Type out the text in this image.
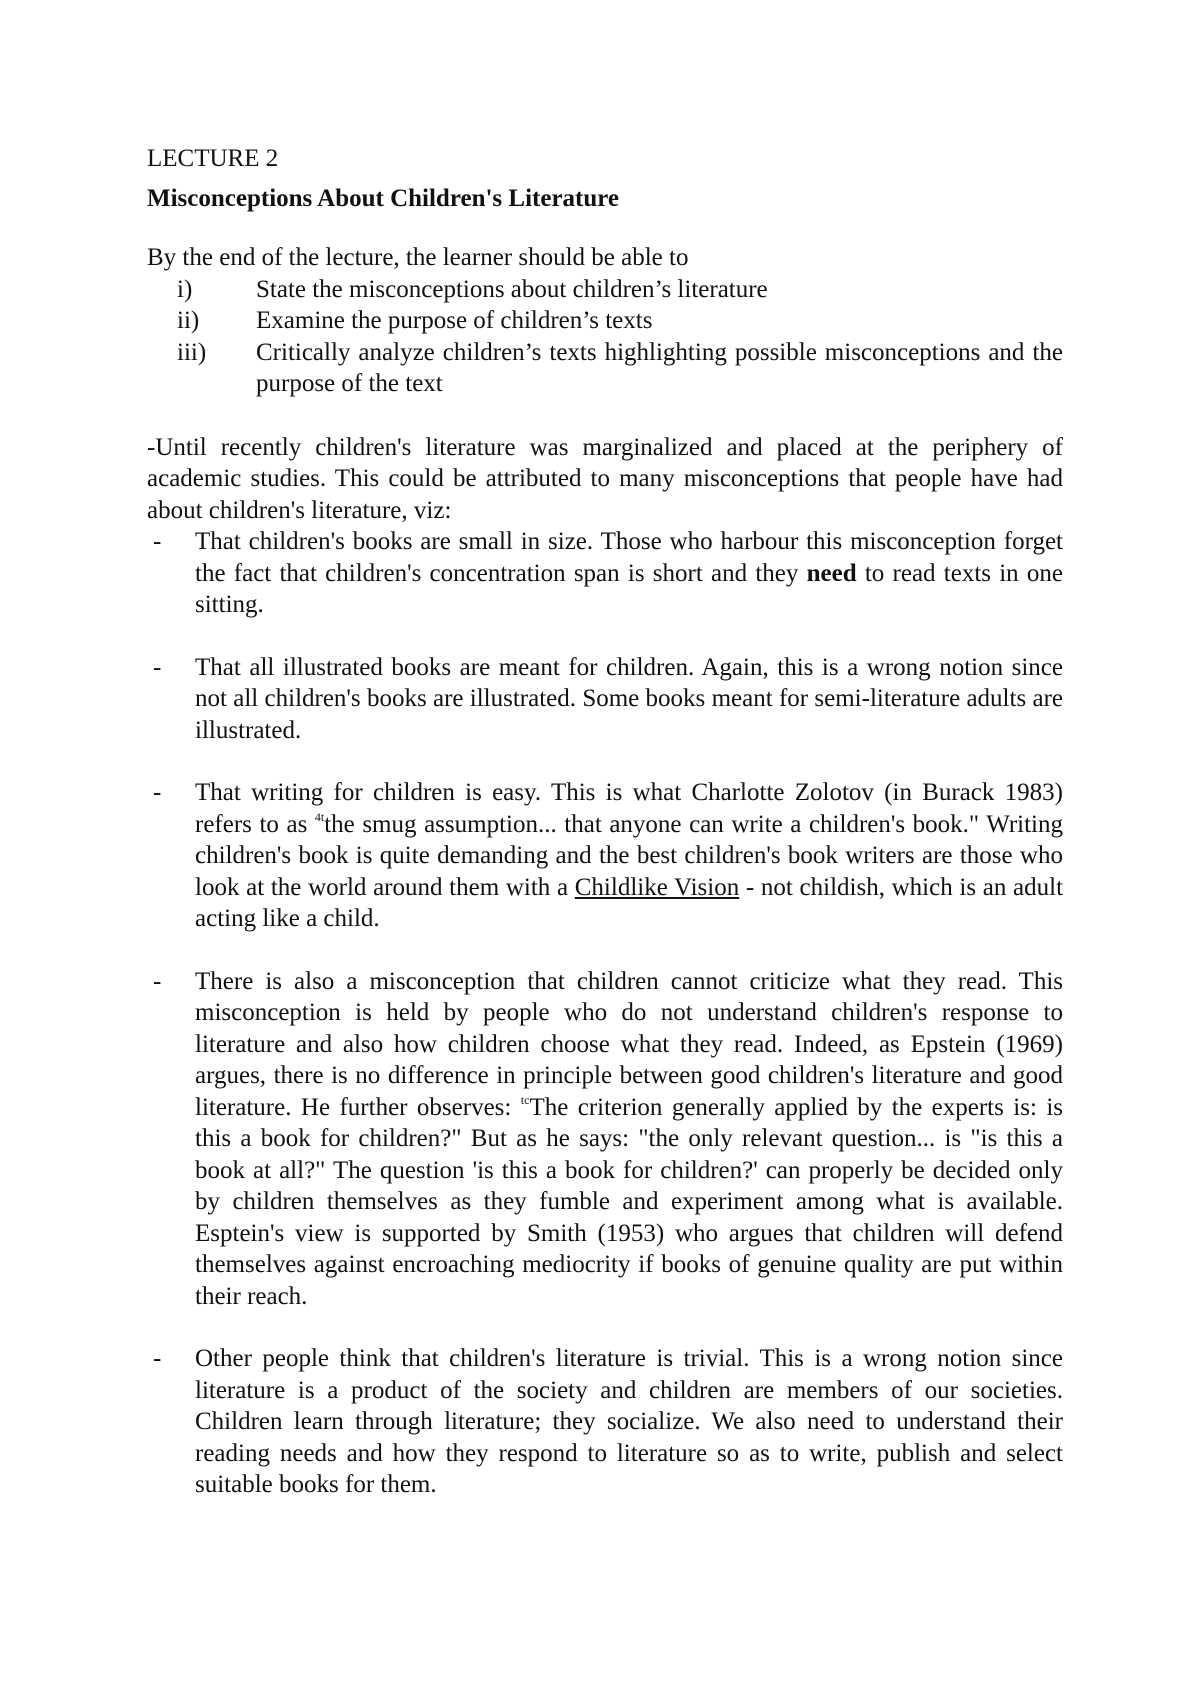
LECTURE 2

Misconceptions About Children's Literature

By the end of the lecture, the learner should be able to

i)	State the misconceptions about children’s literature
ii)	Examine the purpose of children’s texts
iii)	Critically analyze children’s texts highlighting possible misconceptions and the purpose of the text

-Until recently children's literature was marginalized and placed at the periphery of academic studies. This could be attributed to many misconceptions that people have had about children's literature, viz:

-	That children's books are small in size. Those who harbour this misconception forget the fact that children's concentration span is short and they need to read texts in one sitting.
-	That all illustrated books are meant for children. Again, this is a wrong notion since not all children's books are illustrated. Some books meant for semi-literature adults are illustrated.
-	That writing for children is easy. This is what Charlotte Zolotov (in Burack 1983) refers to as $^{4t}$the smug assumption... that anyone can write a children's book." Writing children's book is quite demanding and the best children's book writers are those who look at the world around them with a Childlike Vision - not childish, which is an adult acting like a child.
-	There is also a misconception that children cannot criticize what they read. This misconception is held by people who do not understand children's response to literature and also how children choose what they read. Indeed, as Epstein (1969) argues, there is no difference in principle between good children's literature and good literature. He further observes: $^{tc}$The criterion generally applied by the experts is: is this a book for children?" But as he says: "the only relevant question... is "is this a book at all?" The question 'is this a book for children?' can properly be decided only by children themselves as they fumble and experiment among what is available. Esptein's view is supported by Smith (1953) who argues that children will defend themselves against encroaching mediocrity if books of genuine quality are put within their reach.
-	Other people think that children's literature is trivial. This is a wrong notion since literature is a product of the society and children are members of our societies. Children learn through literature; they socialize. We also need to understand their reading needs and how they respond to literature so as to write, publish and select suitable books for them.
